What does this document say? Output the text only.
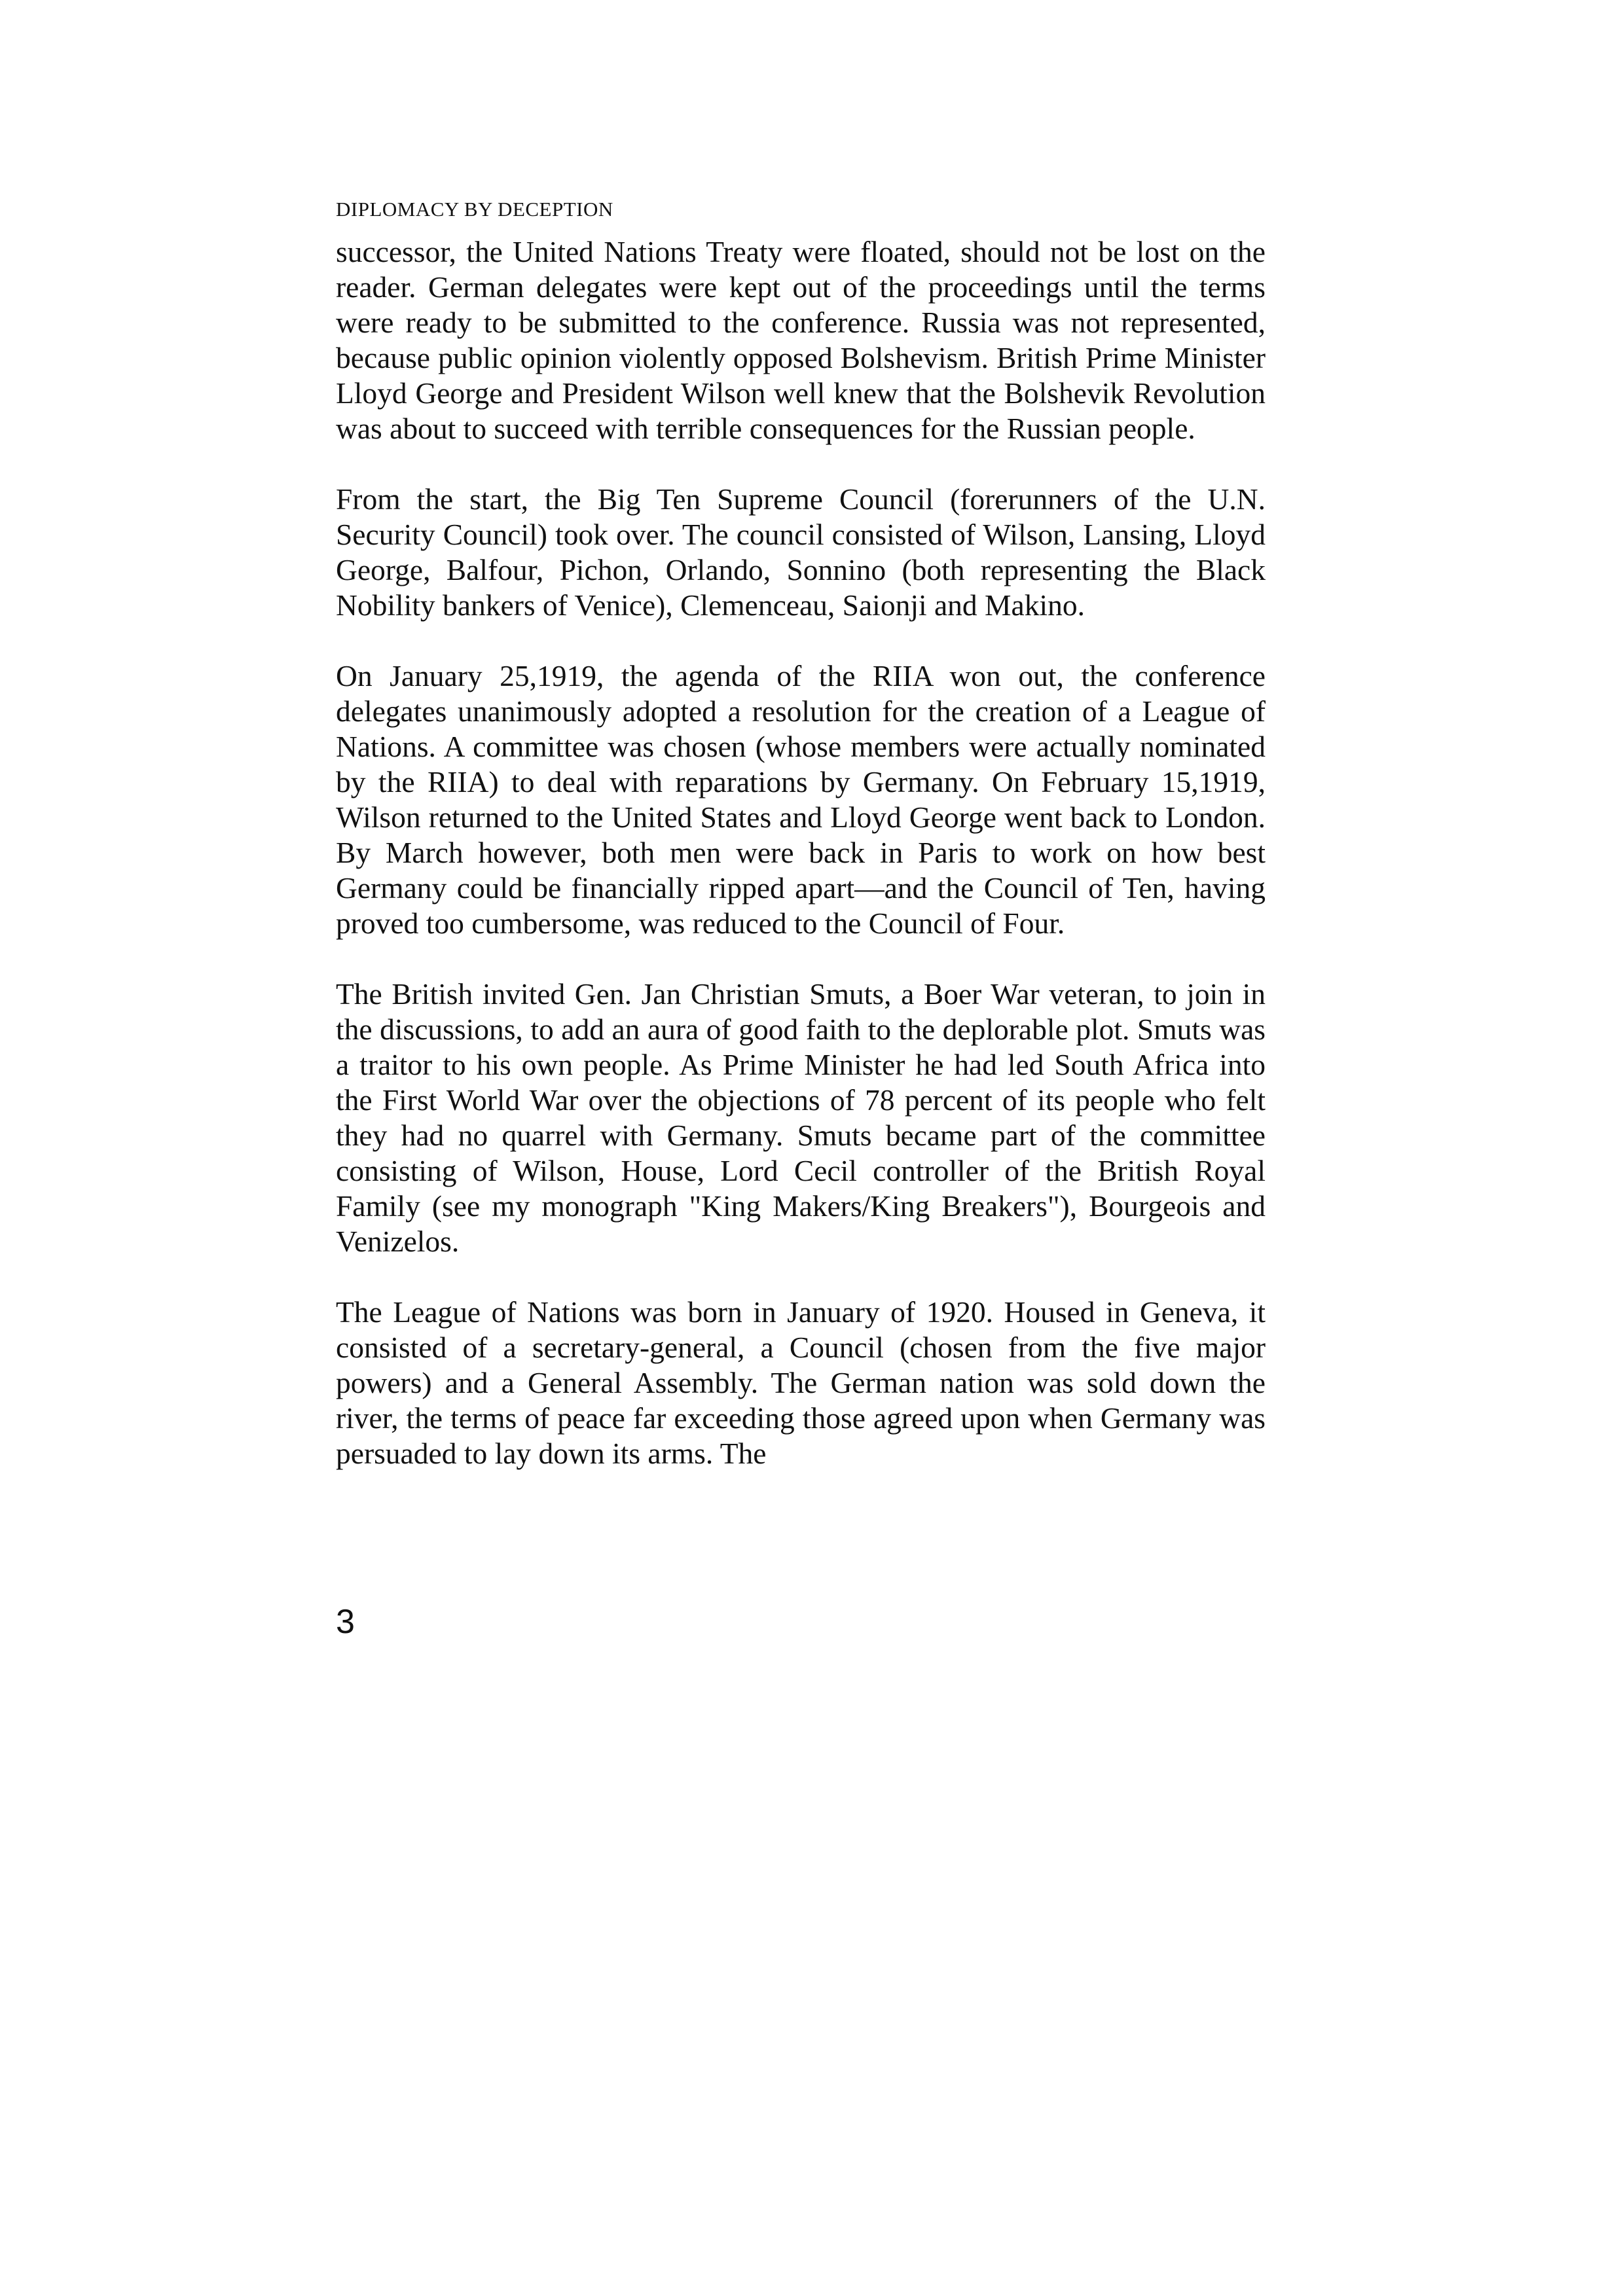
DIPLOMACY BY DECEPTION

successor, the United Nations Treaty were floated, should not be lost on the reader. German delegates were kept out of the proceedings until the terms were ready to be submitted to the conference. Russia was not represented, because public opinion violently opposed Bolshevism. British Prime Minister Lloyd George and President Wilson well knew that the Bolshevik Revolution was about to succeed with terrible consequences for the Russian people.

From the start, the Big Ten Supreme Council (forerunners of the U.N. Security Council) took over. The council consisted of Wilson, Lansing, Lloyd George, Balfour, Pichon, Orlando, Sonnino (both representing the Black Nobility bankers of Venice), Clemenceau, Saionji and Makino.

On January 25,1919, the agenda of the RIIA won out, the conference delegates unanimously adopted a resolution for the creation of a League of Nations. A committee was chosen (whose members were actually nominated by the RIIA) to deal with reparations by Germany. On February 15,1919, Wilson returned to the United States and Lloyd George went back to London. By March however, both men were back in Paris to work on how best Germany could be financially ripped apart—and the Council of Ten, having proved too cumbersome, was reduced to the Council of Four.

The British invited Gen. Jan Christian Smuts, a Boer War veteran, to join in the discussions, to add an aura of good faith to the deplorable plot. Smuts was a traitor to his own people. As Prime Minister he had led South Africa into the First World War over the objections of 78 percent of its people who felt they had no quarrel with Germany. Smuts became part of the committee consisting of Wilson, House, Lord Cecil controller of the British Royal Family (see my monograph "King Makers/King Breakers"), Bourgeois and Venizelos.

The League of Nations was born in January of 1920. Housed in Geneva, it consisted of a secretary-general, a Council (chosen from the five major powers) and a General Assembly. The German nation was sold down the river, the terms of peace far exceeding those agreed upon when Germany was persuaded to lay down its arms. The

3
